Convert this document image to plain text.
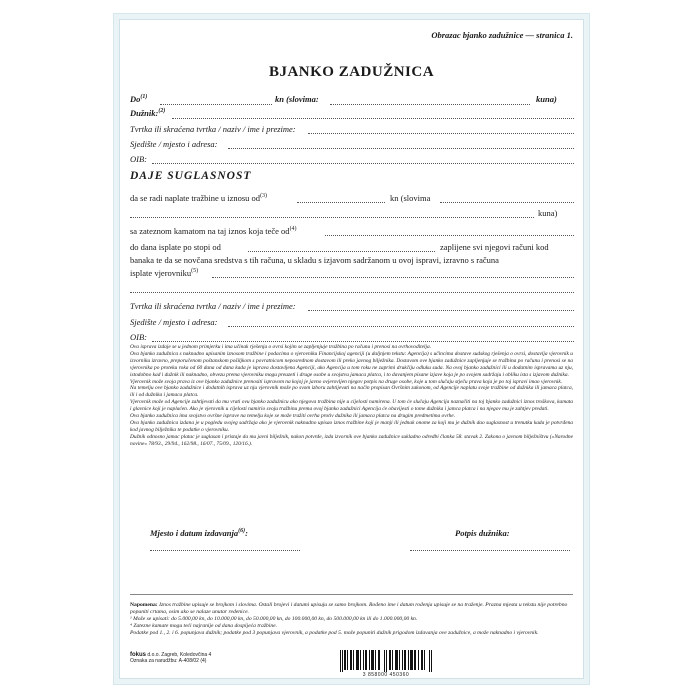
Obrazac bjanko zadužnice — stranica 1.
BJANKO ZADUŽNICA
Do$^{(1)}$	kn (slovima:	kuna)
Dužnik:$^{(2)}$
Tvrtka ili skraćena tvrtka / naziv / ime i prezime:
Sjedište / mjesto i adresa:
OIB:
DAJE SUGLASNOST
da se radi naplate tražbine u iznosu $od^{(3)}$	kn (slovima
kuna)
sa zateznom kamatom na taj iznos koja teče $od^{(4)}$
do dana isplate po stopi od	zaplijene svi njegovi računi kod
banaka te da se novčana sredstva s tih računa, u skladu s izjavom sadržanom u ovoj ispravi, izravno s računa
isplate vjerovniku$^{(5)}$
Tvrtka ili skraćena tvrtka / naziv / ime i prezime:
Sjedište / mjesto i adresa:
OIB:

Ova isprava izdaje se u jednom primjerku i ima učinak rješenja o ovrsi kojim se zapljenjuje tražbina po računu i prenosi na ovrhovoditelja.

Ova bjanko zadužnica s naknadno upisanim iznosom tražbine i podacima o vjerovniku Financijskoj agenciji (u daljnjem tekstu: Agencija) s učincima dostave sudskog rješenja o ovrsi, dostavlja vjerovnik u izvorniku izravno, preporučenom poštanskom pošiljkom s povratnicom neposrednom dostavom ili preko javnog bilježnika. Dostavom ove bjanko zadužnice zapljenjuje se tražbina po računu i prenosi se na vjerovnika po proteku roka od 60 dana od dana kada je isprava dostavljena Agenciji, ako Agencija u tom roku ne zaprimi drukčiju odluku suda. Na ovoj bjanko zadužnici ili u dodatnim ispravama uz nju, istodobno kad i dužnik ili naknadno, obvezu prema vjerovniku mogu preuzeti i druge osobe u svojstvu jamaca platca, i to davanjem pisane izjave koja je po svojem sadržaju i obliku ista s izjavom dužnika.

Vjerovnik može svoja prava iz ove bjanko zadužnice prenositi ispravom na kojoj je javno ovjerovljen njegov potpis na druge osobe, koje u tom slučaju stječu prava koja je po toj ispravi imao vjerovnik.

Na temelju ove bjanko zadužnice i dodatnih isprava uz nju vjerovnik može po svom izboru zahtijevati na način propisan Ovršnim zakonom, od Agencije naplatu svoje tražbine od dužnika ili jamaca platca, ili i od dužnika i jamaca platca.

Vjerovnik može od Agencije zahtijevati da mu vrati ovu bjanko zadužnicu ako njegova tražbina nije u cijelosti namirena. U tom će slučaju Agencija naznačiti na toj bjanko zadužnici iznos troškova, kamata i glavnice koji je naplaćen. Ako je vjerovnik u cijelosti namirio svoju tražbinu prema ovoj bjanko zadužnici Agencija će obavijesti o tome dužnika i jamca platca i na njegov mu je zahtjev predati.

Ova bjanko zadužnica ima svojstvo ovršne isprave na temelju koje se može tražiti ovrha protiv dužnika ili jamaca platca na drugim predmetima ovrhe.

Ova bjanko zadužnica izdana je u pogledu svojeg sadržaja ako je vjerovnik naknadno upisao iznos tražbine koji je manji ili jednak onome za koji mu je dužnik dao suglasnost u trenutku kada je potvrđena kod javnog bilježnika te podatke o vjerovniku.

Dužnik odnosno jamac platac je suglasan i pristaje da mu javni bilježnik, nakon potvrde, izda izvornik ove bjanko zadužnice sukladno odredbi članka 58. stavak 2. Zakona o javnom bilježništvu (»Narodne novine« 78/93., 29/94., 162/98., 16/07., 75/09., 120/16.).

Mjesto i datum izdavanja$^{(6)}$:	Potpis dužnika:
Napomena: Iznos tražbine upisuje se brojkom i slovima. Ostali brojevi i datumi upisuju se samo brojkom. Rođeno ime i datum rođenja upisuje se na traženje. Prazna mjesta u tekstu nije potrebno popuniti crtama, osim ako se nalaze unutar redenice.
¹ Može se upisati: do 5.000,00 kn, do 10.000,00 kn, do 50.000,00 kn, do 100.000,00 kn, do 500.000,00 kn ili do 1.000.000,00 kn.
⁴ Zatezne kamate mogu teći najranije od dana dospijeća tražbine.
Podatke pod 1., 2. i 6. popunjava dužnik; podatke pod 3 popunjava vjerovnik, a podatke pod 5. može popuniti dužnik prigodom izdavanja ove zadužnice, a može naknadno i vjerovnik.
fokus d.o.o. Zagreb, Koledovčina 4
Oznaka za narudžbu: A-408/02 (4)
3 858000 450360
